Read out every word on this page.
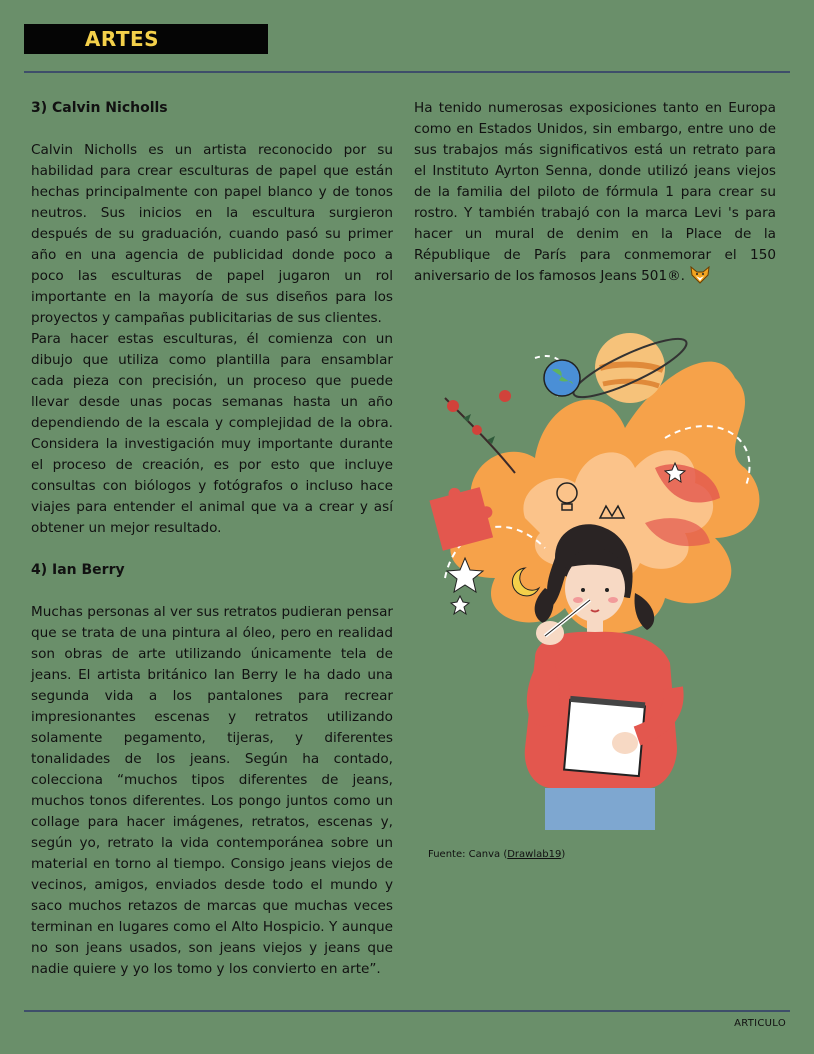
ARTES
3) Calvin Nicholls

Calvin Nicholls es un artista reconocido por su habilidad para crear esculturas de papel que están hechas principalmente con papel blanco y de tonos neutros. Sus inicios en la escultura surgieron después de su graduación, cuando pasó su primer año en una agencia de publicidad donde poco a poco las esculturas de papel jugaron un rol importante en la mayoría de sus diseños para los proyectos y campañas publicitarias de sus clientes.

Para hacer estas esculturas, él comienza con un dibujo que utiliza como plantilla para ensamblar cada pieza con precisión, un proceso que puede llevar desde unas pocas semanas hasta un año dependiendo de la escala y complejidad de la obra. Considera la investigación muy importante durante el proceso de creación, es por esto que incluye consultas con biólogos y fotógrafos o incluso hace viajes para entender el animal que va a crear y así obtener un mejor resultado.

4) Ian Berry

Muchas personas al ver sus retratos pudieran pensar que se trata de una pintura al óleo, pero en realidad son obras de arte utilizando únicamente tela de jeans. El artista británico Ian Berry le ha dado una segunda vida a los pantalones para recrear impresionantes escenas y retratos utilizando solamente pegamento, tijeras, y diferentes tonalidades de los jeans. Según ha contado, colecciona “muchos tipos diferentes de jeans, muchos tonos diferentes. Los pongo juntos como un collage para hacer imágenes, retratos, escenas y, según yo, retrato la vida contemporánea sobre un material en torno al tiempo. Consigo jeans viejos de vecinos, amigos, enviados desde todo el mundo y saco muchos retazos de marcas que muchas veces terminan en lugares como el Alto Hospicio. Y aunque no son jeans usados, son jeans viejos y jeans que nadie quiere y yo los tomo y los convierto en arte”.

Ha tenido numerosas exposiciones tanto en Europa como en Estados Unidos, sin embargo, entre uno de sus trabajos más significativos está un retrato para el Instituto Ayrton Senna, donde utilizó jeans viejos de la familia del piloto de fórmula 1 para crear su rostro. Y también trabajó con la marca Levi 's para hacer un mural de denim en la Place de la République de París para conmemorar el 150 aniversario de los famosos Jeans 501®.

Fuente: Canva (Drawlab19)
ARTICULO
